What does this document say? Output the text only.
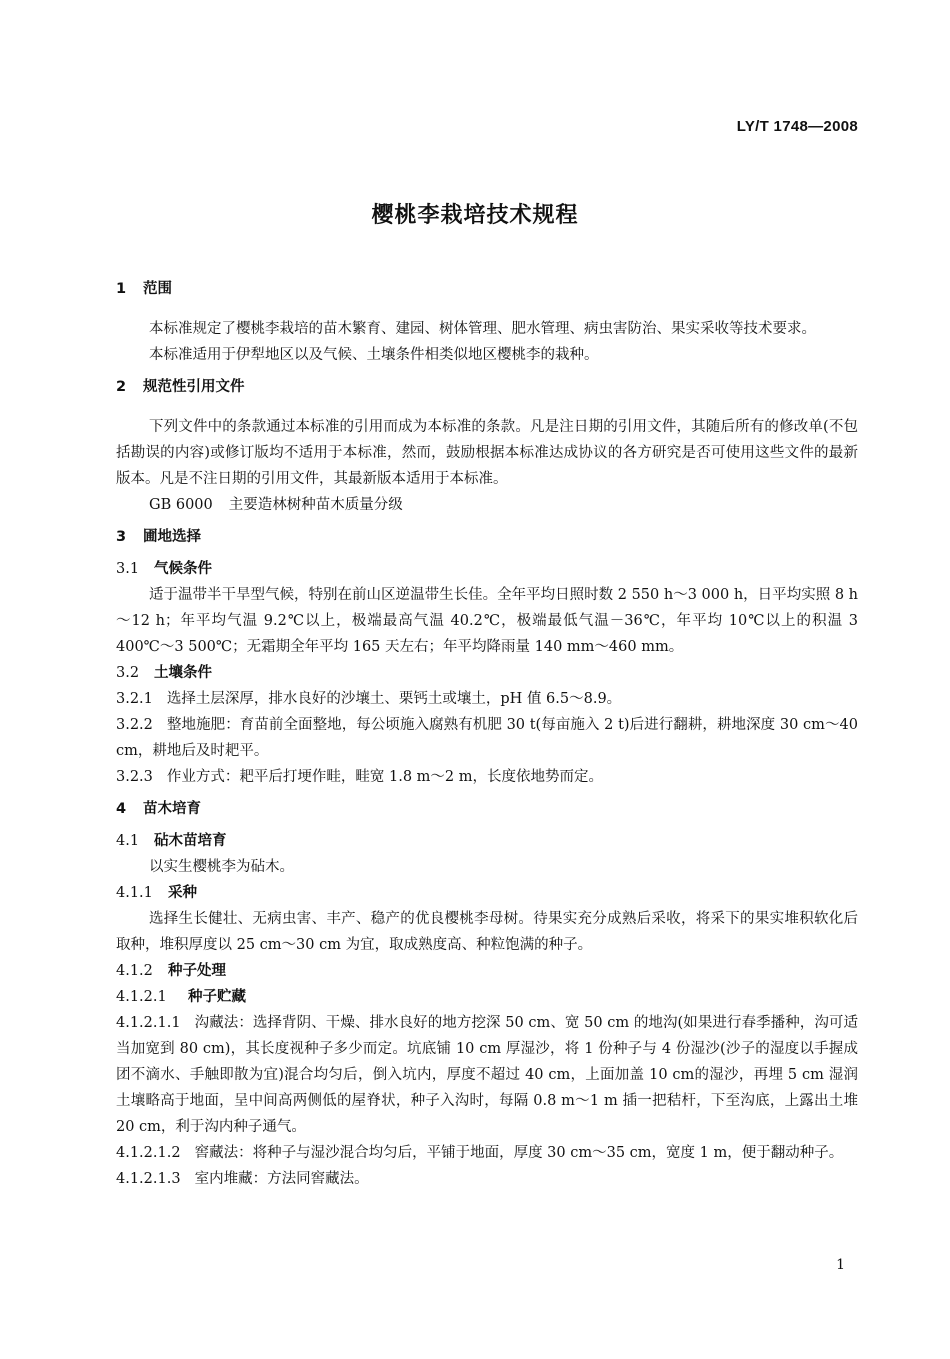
LY/T 1748—2008
樱桃李栽培技术规程
1 范围

本标准规定了樱桃李栽培的苗木繁育、建园、树体管理、肥水管理、病虫害防治、果实采收等技术要求。

本标准适用于伊犁地区以及气候、土壤条件相类似地区樱桃李的栽种。

2 规范性引用文件

下列文件中的条款通过本标准的引用而成为本标准的条款。凡是注日期的引用文件，其随后所有的修改单(不包括勘误的内容)或修订版均不适用于本标准，然而，鼓励根据本标准达成协议的各方研究是否可使用这些文件的最新版本。凡是不注日期的引用文件，其最新版本适用于本标准。

GB 6000 主要造林树种苗木质量分级

3 圃地选择
3.1 气候条件

适于温带半干旱型气候，特别在前山区逆温带生长佳。全年平均日照时数 2 550 h～3 000 h，日平均实照 8 h～12 h；年平均气温 9.2℃以上，极端最高气温 40.2℃，极端最低气温－36℃，年平均 10℃以上的积温 3 400℃～3 500℃；无霜期全年平均 165 天左右；年平均降雨量 140 mm～460 mm。

3.2 土壤条件

3.2.1 选择土层深厚，排水良好的沙壤土、栗钙土或壤土，pH 值 6.5～8.9。

3.2.2 整地施肥：育苗前全面整地，每公顷施入腐熟有机肥 30 t(每亩施入 2 t)后进行翻耕，耕地深度 30 cm～40 cm，耕地后及时耙平。

3.2.3 作业方式：耙平后打埂作畦，畦宽 1.8 m～2 m，长度依地势而定。

4 苗木培育
4.1 砧木苗培育

以实生樱桃李为砧木。

4.1.1 采种

选择生长健壮、无病虫害、丰产、稳产的优良樱桃李母树。待果实充分成熟后采收，将采下的果实堆积软化后取种，堆积厚度以 25 cm～30 cm 为宜，取成熟度高、种粒饱满的种子。

4.1.2 种子处理
4.1.2.1 种子贮藏

4.1.2.1.1 沟藏法：选择背阴、干燥、排水良好的地方挖深 50 cm、宽 50 cm 的地沟(如果进行春季播种，沟可适当加宽到 80 cm)，其长度视种子多少而定。坑底铺 10 cm 厚湿沙，将 1 份种子与 4 份湿沙(沙子的湿度以手握成团不滴水、手触即散为宜)混合均匀后，倒入坑内，厚度不超过 40 cm，上面加盖 10 cm的湿沙，再埋 5 cm 湿润土壤略高于地面，呈中间高两侧低的屋脊状，种子入沟时，每隔 0.8 m～1 m 插一把秸杆，下至沟底，上露出土堆 20 cm，利于沟内种子通气。

4.1.2.1.2 窖藏法：将种子与湿沙混合均匀后，平铺于地面，厚度 30 cm～35 cm，宽度 1 m，便于翻动种子。

4.1.2.1.3 室内堆藏：方法同窖藏法。

1
